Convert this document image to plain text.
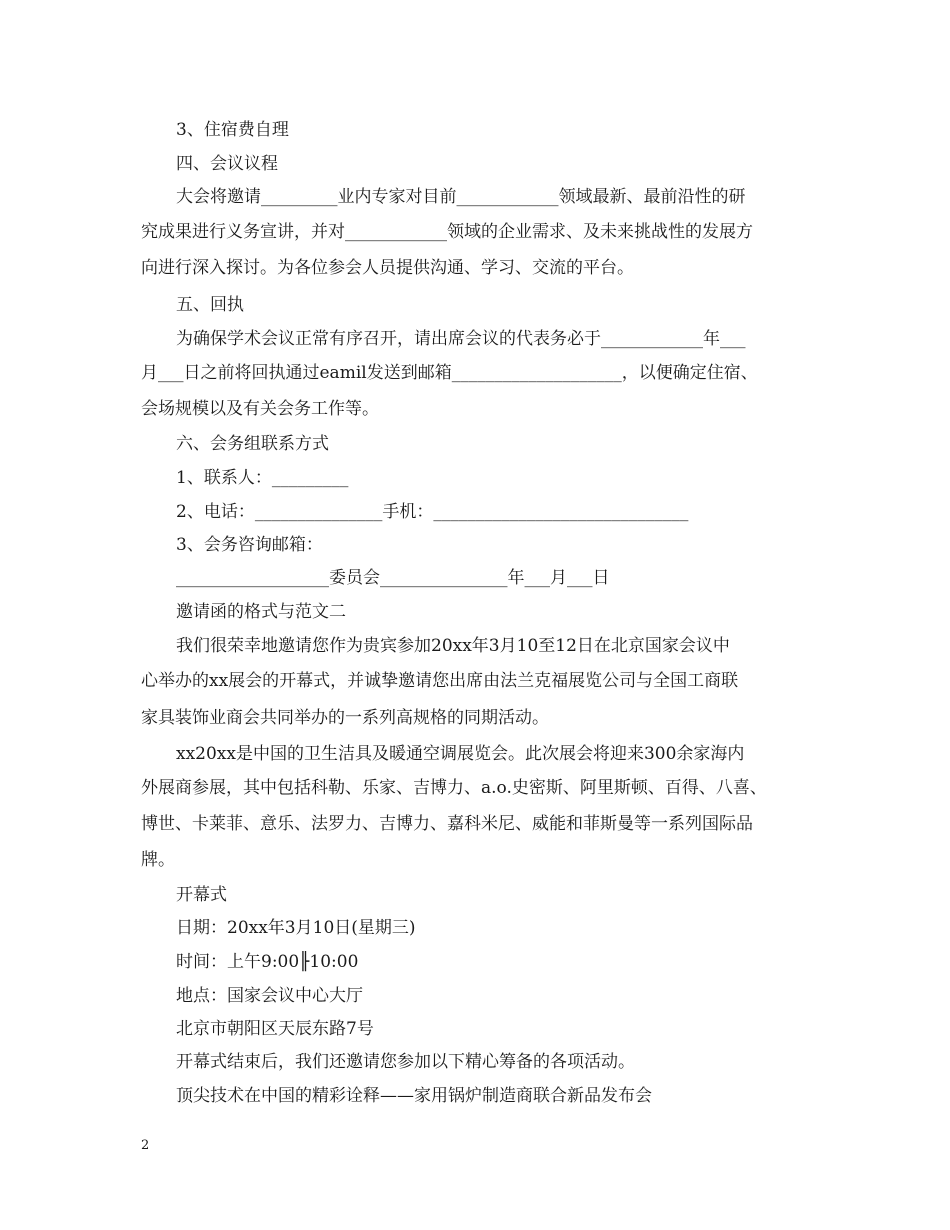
3、住宿费自理
四、会议议程
大会将邀请_________业内专家对目前____________领域最新、最前沿性的研
究成果进行义务宣讲，并对____________领域的企业需求、及未来挑战性的发展方
向进行深入探讨。为各位参会人员提供沟通、学习、交流的平台。
五、回执
为确保学术会议正常有序召开，请出席会议的代表务必于____________年___
月___日之前将回执通过eamil发送到邮箱____________________，以便确定住宿、
会场规模以及有关会务工作等。
六、会务组联系方式
1、联系人：_________
2、电话：_______________手机：______________________________
3、会务咨询邮箱：
__________________委员会_______________年___月___日
邀请函的格式与范文二
我们很荣幸地邀请您作为贵宾参加20xx年3月10至12日在北京国家会议中
心举办的xx展会的开幕式，并诚挚邀请您出席由法兰克福展览公司与全国工商联
家具装饰业商会共同举办的一系列高规格的同期活动。
xx20xx是中国的卫生洁具及暖通空调展览会。此次展会将迎来300余家海内
外展商参展，其中包括科勒、乐家、吉博力、a.o.史密斯、阿里斯顿、百得、八喜、
博世、卡莱菲、意乐、法罗力、吉博力、嘉科米尼、威能和菲斯曼等一系列国际品
牌。
开幕式
日期：20xx年3月10日(星期三)
时间：上午9:00╟10:00
地点：国家会议中心大厅
北京市朝阳区天辰东路7号
开幕式结束后，我们还邀请您参加以下精心筹备的各项活动。
顶尖技术在中国的精彩诠释——家用锅炉制造商联合新品发布会
2
